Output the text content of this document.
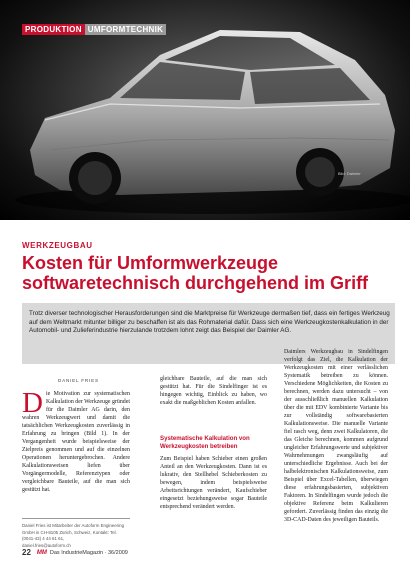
PRODUKTION UMFORMTECHNIK
Bild: Daimler
WERKZEUGBAU
Kosten für Umformwerkzeuge
softwaretechnisch durchgehend im Griff

Trotz diverser technologischer Herausforderungen sind die Marktpreise für Werkzeuge dermaßen tief, dass ein fertiges Werkzeug auf dem Weltmarkt mitunter billiger zu beschaffen ist als das Rohmaterial dafür. Dass sich eine Werkzeugkostenkalkulation in der Automobil- und Zulieferindustrie hierzulande trotzdem lohnt zeigt das Beispiel der Daimler AG.

DANIEL FRIES
D ie Motivation zur systematischen Kalkulation der Werkzeuge gründet für die Daimler AG darin, den wahren Werkzeugwert und damit die tatsächlichen Werkzeugkosten zuverlässig in Erfahrung zu bringen (Bild 1). In der Vergangenheit wurde beispielsweise der Zielpreis genommen und auf die einzelnen Operationen heruntergebrochen. Andere Kalkulationsweisen liefen über Vorgängermodelle, Referenztypen oder vergleichbare Bauteile, auf die man sich gestützt hat.

Daniel Fries ist Mitarbeiter der Autoform Engineering GmbH in CH-8105 Zürich, Schweiz, Kontakt: Tel. (0041-43) 4 44 61 61,

daniel.fries@autoform.ch

gleichbare Bauteile, auf die man sich gestützt hat. Für die Sindelfinger ist es hingegen wichtig, Einblick zu haben, wo exakt die maßgeblichen Kosten anfallen.

Systematische Kalkulation von Werkzeugkosten betreiben

Zum Beispiel haben Schieber einen großen Anteil an den Werkzeugkosten. Dann ist es lukrativ, den Stellhebel Schieberkosten zu bewegen, indem beispielsweise Arbeitsrichtungen verändert, Kaufschieber eingesetzt beziehungsweise sogar Bauteile entsprechend verändert werden.

Daimlers Werkzeugbau in Sindelfingen verfolgt das Ziel, die Kalkulation der Werkzeugkosten mit einer verlässlichen Systematik betreiben zu können. Verschiedene Möglichkeiten, die Kosten zu berechnen, werden dazu untersucht – von der ausschließlich manuellen Kalkulation über die mit EDV kombinierte Variante bis zur vollständig softwarebasierten Kalkulationsweise. Die manuelle Variante fiel rasch weg, denn zwei Kalkulatoren, die das Gleiche berechnen, kommen aufgrund ungleicher Erfahrungswerte und subjektiver Wahrnehmungen zwangsläufig auf unterschiedliche Ergebnisse. Auch bei der halbelektronischen Kalkulationsweise, zum Beispiel über Excel-Tabellen, überwiegen diese erfahrungsbasierten, subjektiven Faktoren. In Sindelfingen wurde jedoch die objektive Referenz beim Kalkulieren gefordert. Zuverlässig finden das einzig die 3D-CAD-Daten des jeweiligen Bauteils.

22 MM Das IndustrieMagazin · 36/2009
